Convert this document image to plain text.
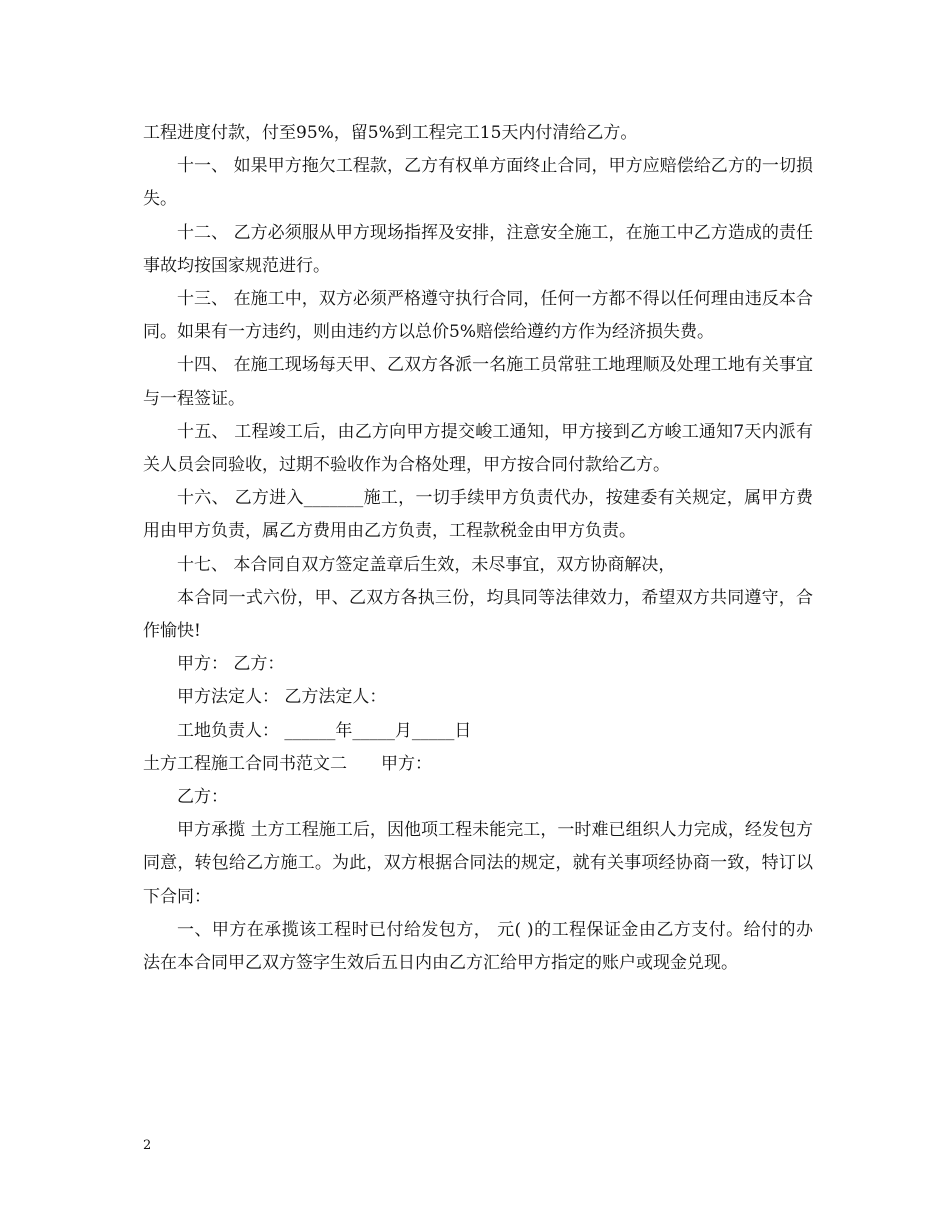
工程进度付款，付至95%，留5%到工程完工15天内付清给乙方。

十一、 如果甲方拖欠工程款，乙方有权单方面终止合同，甲方应赔偿给乙方的一切损失。

十二、 乙方必须服从甲方现场指挥及安排，注意安全施工，在施工中乙方造成的责任事故均按国家规范进行。

十三、 在施工中，双方必须严格遵守执行合同，任何一方都不得以任何理由违反本合同。如果有一方违约，则由违约方以总价5%赔偿给遵约方作为经济损失费。

十四、 在施工现场每天甲、乙双方各派一名施工员常驻工地理顺及处理工地有关事宜与一程签证。

十五、 工程竣工后，由乙方向甲方提交峻工通知，甲方接到乙方峻工通知7天内派有关人员会同验收，过期不验收作为合格处理，甲方按合同付款给乙方。

十六、 乙方进入_______施工，一切手续甲方负责代办，按建委有关规定，属甲方费用由甲方负责，属乙方费用由乙方负责，工程款税金由甲方负责。

十七、 本合同自双方签定盖章后生效，未尽事宜，双方协商解决，

本合同一式六份，甲、乙双方各执三份，均具同等法律效力，希望双方共同遵守，合作愉快!

甲方： 乙方：

甲方法定人： 乙方法定人：

工地负责人： ______年_____月_____日

土方工程施工合同书范文二　　甲方：

乙方：

甲方承揽 土方工程施工后，因他项工程未能完工，一时难已组织人力完成，经发包方同意，转包给乙方施工。为此，双方根据合同法的规定，就有关事项经协商一致，特订以下合同：

一、甲方在承揽该工程时已付给发包方， 元( )的工程保证金由乙方支付。给付的办法在本合同甲乙双方签字生效后五日内由乙方汇给甲方指定的账户或现金兑现。

2
